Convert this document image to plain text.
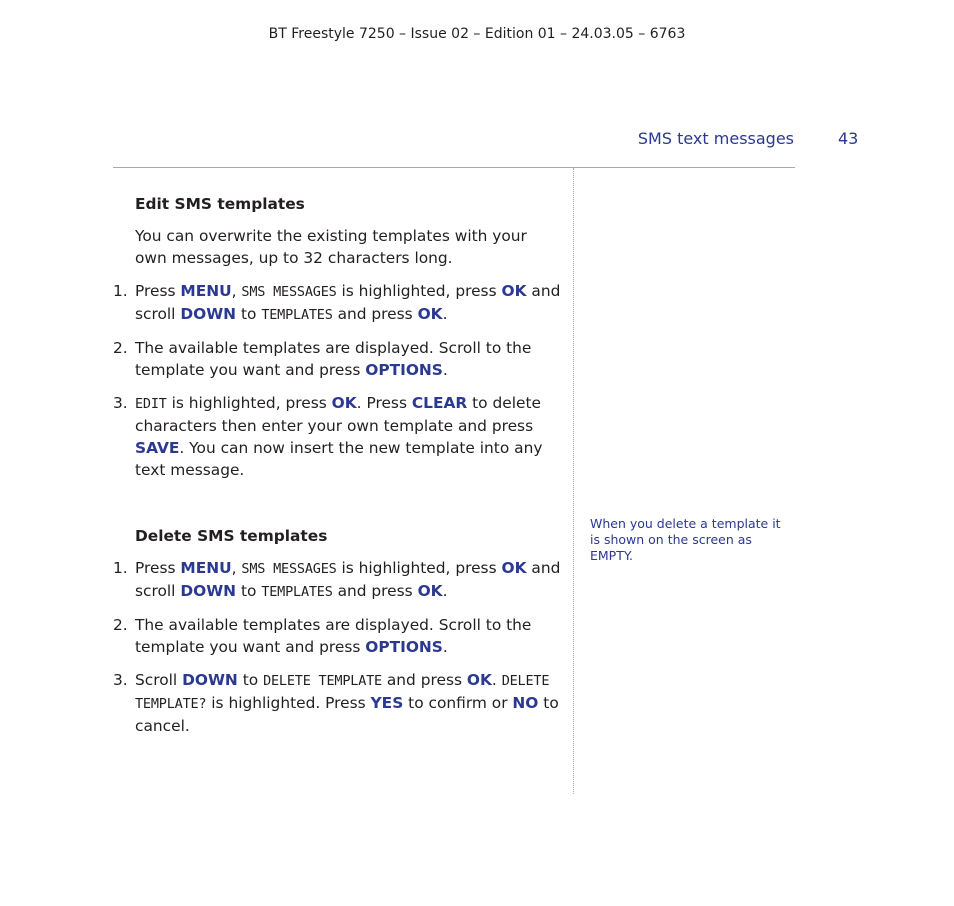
BT Freestyle 7250 – Issue 02 – Edition 01 – 24.03.05 – 6763
SMS text messages	43
Edit SMS templates

You can overwrite the existing templates with your own messages, up to 32 characters long.

1. Press MENU, SMS MESSAGES is highlighted, press OK and scroll DOWN to TEMPLATES and press OK.
2. The available templates are displayed. Scroll to the template you want and press OPTIONS.
3. EDIT is highlighted, press OK. Press CLEAR to delete characters then enter your own template and press SAVE. You can now insert the new template into any text message.
Delete SMS templates
1. Press MENU, SMS MESSAGES is highlighted, press OK and scroll DOWN to TEMPLATES and press OK.
2. The available templates are displayed. Scroll to the template you want and press OPTIONS.
3. Scroll DOWN to DELETE TEMPLATE and press OK. DELETE TEMPLATE? is highlighted. Press YES to confirm or NO to cancel.
When you delete a template it is shown on the screen as EMPTY.
